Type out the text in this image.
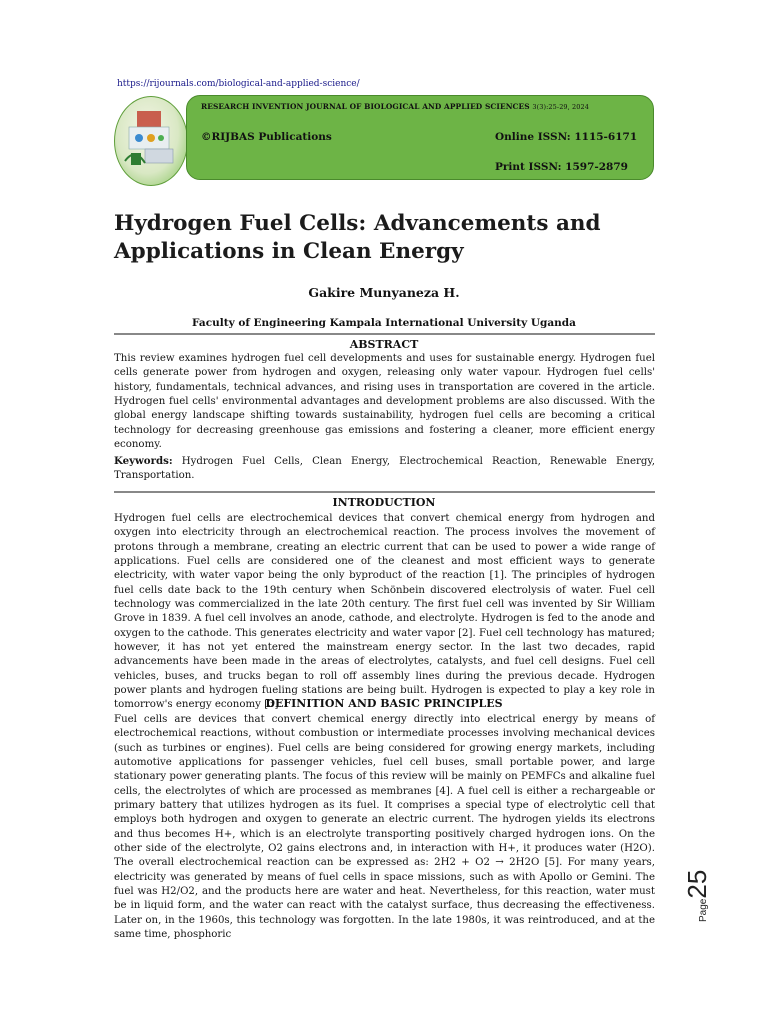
https://rijournals.com/biological-and-applied-science/
RESEARCH INVENTION JOURNAL OF BIOLOGICAL AND APPLIED SCIENCES 3(3):25-29, 2024
©RIJBAS Publications	Online ISSN: 1115-6171
Print ISSN: 1597-2879
Hydrogen Fuel Cells: Advancements and Applications in Clean Energy
Gakire Munyaneza H.
Faculty of Engineering Kampala International University Uganda
ABSTRACT
This review examines hydrogen fuel cell developments and uses for sustainable energy. Hydrogen fuel cells generate power from hydrogen and oxygen, releasing only water vapour. Hydrogen fuel cells' history, fundamentals, technical advances, and rising uses in transportation are covered in the article. Hydrogen fuel cells' environmental advantages and development problems are also discussed. With the global energy landscape shifting towards sustainability, hydrogen fuel cells are becoming a critical technology for decreasing greenhouse gas emissions and fostering a cleaner, more efficient energy economy.
Keywords: Hydrogen Fuel Cells, Clean Energy, Electrochemical Reaction, Renewable Energy, Transportation.
INTRODUCTION
Hydrogen fuel cells are electrochemical devices that convert chemical energy from hydrogen and oxygen into electricity through an electrochemical reaction. The process involves the movement of protons through a membrane, creating an electric current that can be used to power a wide range of applications. Fuel cells are considered one of the cleanest and most efficient ways to generate electricity, with water vapor being the only byproduct of the reaction [1]. The principles of hydrogen fuel cells date back to the 19th century when Schönbein discovered electrolysis of water. Fuel cell technology was commercialized in the late 20th century. The first fuel cell was invented by Sir William Grove in 1839. A fuel cell involves an anode, cathode, and electrolyte. Hydrogen is fed to the anode and oxygen to the cathode. This generates electricity and water vapor [2]. Fuel cell technology has matured; however, it has not yet entered the mainstream energy sector. In the last two decades, rapid advancements have been made in the areas of electrolytes, catalysts, and fuel cell designs. Fuel cell vehicles, buses, and trucks began to roll off assembly lines during the previous decade. Hydrogen power plants and hydrogen fueling stations are being built. Hydrogen is expected to play a key role in tomorrow's energy economy [3].
DEFINITION AND BASIC PRINCIPLES
Fuel cells are devices that convert chemical energy directly into electrical energy by means of electrochemical reactions, without combustion or intermediate processes involving mechanical devices (such as turbines or engines). Fuel cells are being considered for growing energy markets, including automotive applications for passenger vehicles, fuel cell buses, small portable power, and large stationary power generating plants. The focus of this review will be mainly on PEMFCs and alkaline fuel cells, the electrolytes of which are processed as membranes [4]. A fuel cell is either a rechargeable or primary battery that utilizes hydrogen as its fuel. It comprises a special type of electrolytic cell that employs both hydrogen and oxygen to generate an electric current. The hydrogen yields its electrons and thus becomes H+, which is an electrolyte transporting positively charged hydrogen ions. On the other side of the electrolyte, O2 gains electrons and, in interaction with H+, it produces water (H2O). The overall electrochemical reaction can be expressed as: 2H2 + O2 → 2H2O [5]. For many years, electricity was generated by means of fuel cells in space missions, such as with Apollo or Gemini. The fuel was H2/O2, and the products here are water and heat. Nevertheless, for this reaction, water must be in liquid form, and the water can react with the catalyst surface, thus decreasing the effectiveness. Later on, in the 1960s, this technology was forgotten. In the late 1980s, it was reintroduced, and at the same time, phosphoric
Page25
